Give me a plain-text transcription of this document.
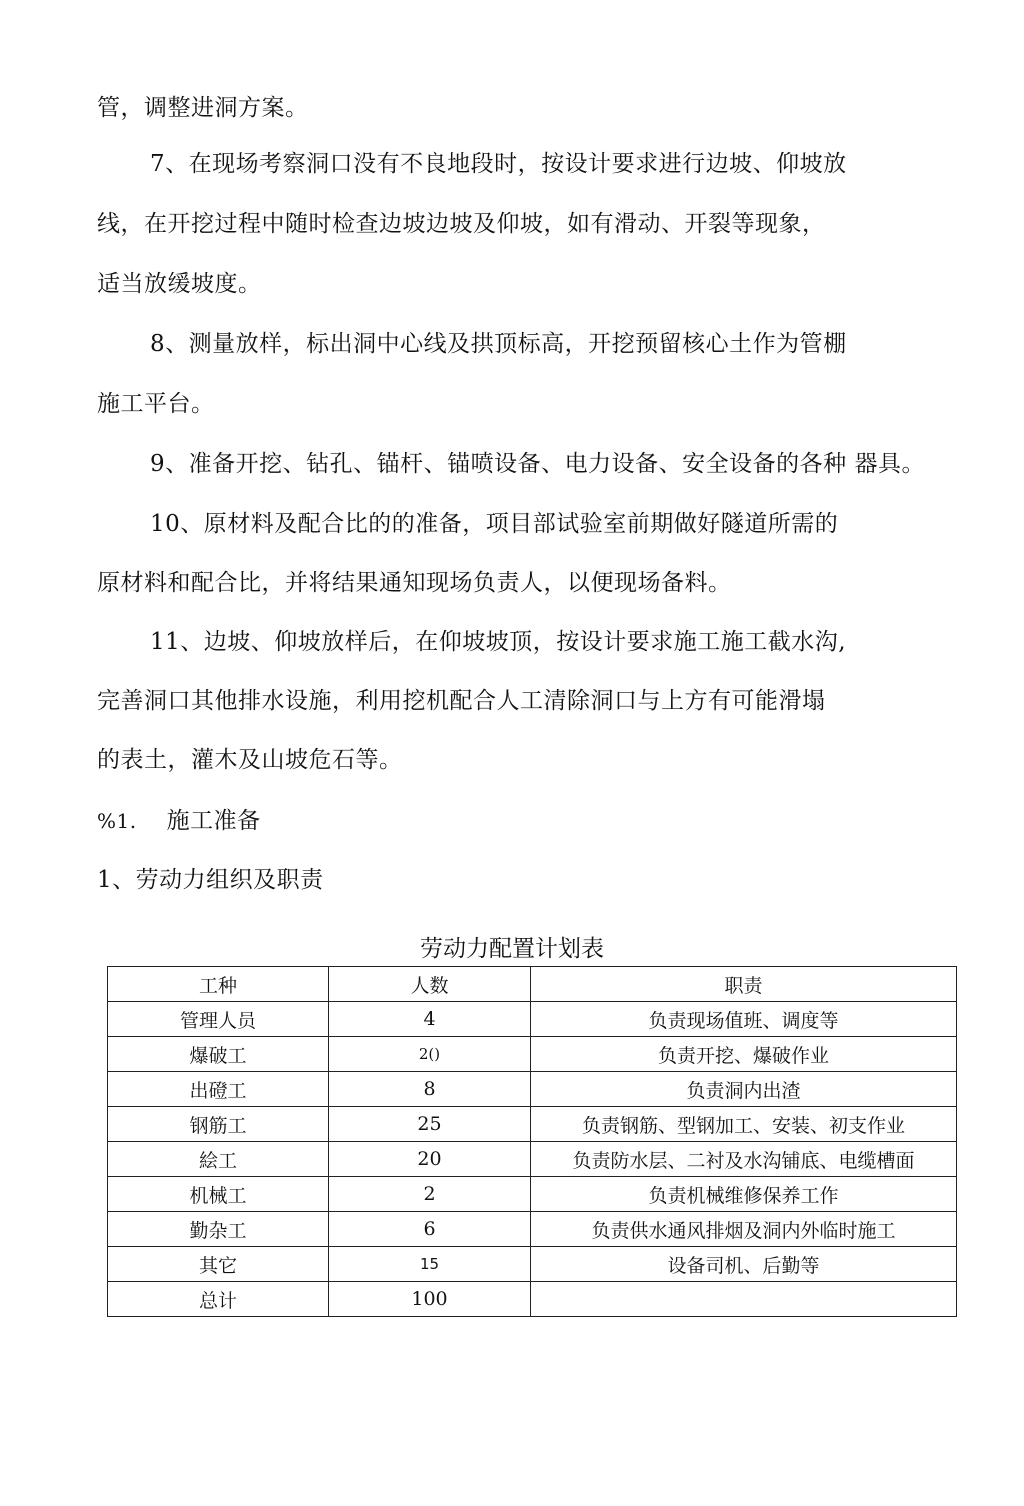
管，调整进洞方案。
7、在现场考察洞口没有不良地段时，按设计要求进行边坡、仰坡放
线，在开挖过程中随时检查边坡边坡及仰坡，如有滑动、开裂等现象，
适当放缓坡度。
8、测量放样，标出洞中心线及拱顶标高，开挖预留核心土作为管棚
施工平台。
9、准备开挖、钻孔、锚杆、锚喷设备、电力设备、安全设备的各种 器具。
10、原材料及配合比的的准备，项目部试验室前期做好隧道所需的
原材料和配合比，并将结果通知现场负责人，以便现场备料。
11、边坡、仰坡放样后，在仰坡坡顶，按设计要求施工施工截水沟,
完善洞口其他排水设施，利用挖机配合人工清除洞口与上方有可能滑塌
的表土，灌木及山坡危石等。
%1. 施工准备
1、劳动力组织及职责
劳动力配置计划表
工种	人数	职责
管理人员	4	负责现场值班、调度等
爆破工	2()	负责开挖、爆破作业
出磴工	8	负责洞内出渣
钢筋工	25	负责钢筋、型钢加工、安装、初支作业
絵工	20	负责防水层、二衬及水沟铺底、电缆槽面
机械工	2	负责机械维修保养工作
勤杂工	6	负责供水通风排烟及洞内外临时施工
其它	15	设备司机、后勤等
总计	100	
